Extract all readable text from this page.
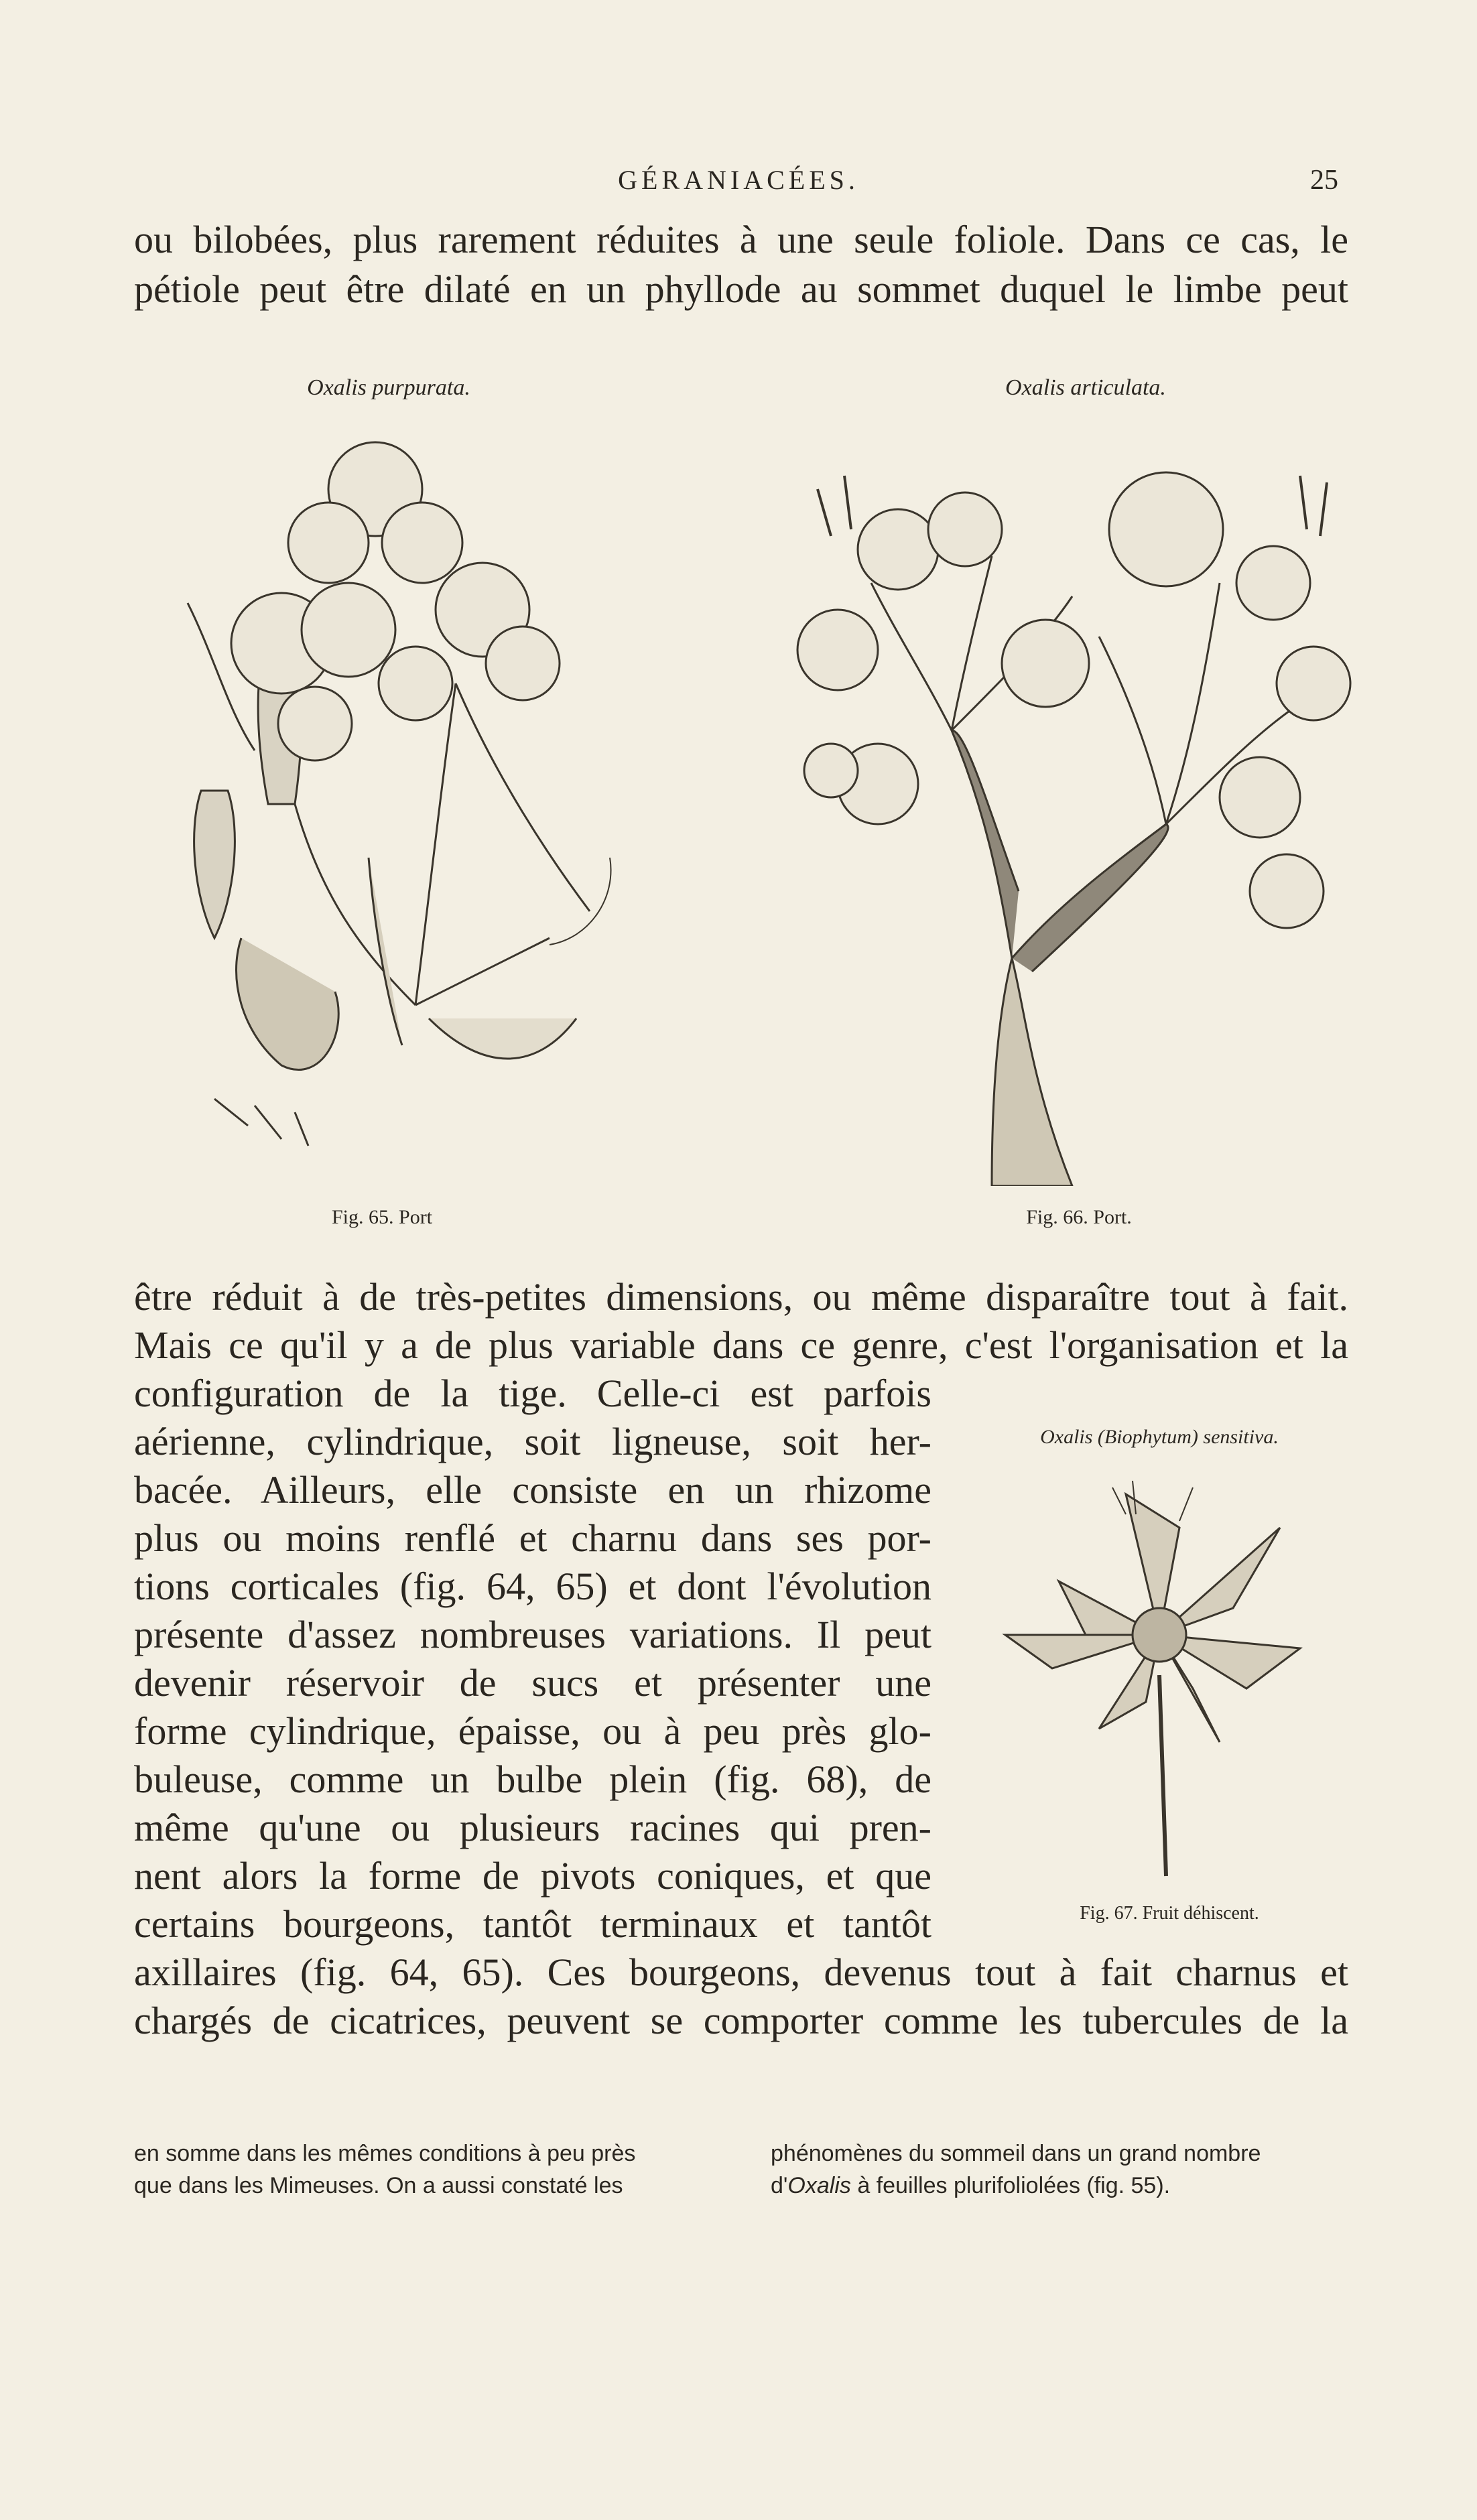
GÉRANIACÉES.	25
ou bilobées, plus rarement réduites à une seule foliole. Dans ce cas, le
pétiole peut être dilaté en un phyllode au sommet duquel le limbe peut
Oxalis purpurata.
Fig. 65. Port
Oxalis articulata.
Fig. 66. Port.
être réduit à de très-petites dimensions, ou même disparaître tout à fait.
Mais ce qu'il y a de plus variable dans ce genre, c'est l'organisation et la
configuration de la tige. Celle-ci est parfois
aérienne, cylindrique, soit ligneuse, soit her-
bacée. Ailleurs, elle consiste en un rhizome
plus ou moins renflé et charnu dans ses por-
tions corticales (fig. 64, 65) et dont l'évolution
présente d'assez nombreuses variations. Il peut
devenir réservoir de sucs et présenter une
forme cylindrique, épaisse, ou à peu près glo-
buleuse, comme un bulbe plein (fig. 68), de
même qu'une ou plusieurs racines qui pren-
nent alors la forme de pivots coniques, et que
certains bourgeons, tantôt terminaux et tantôt
Oxalis (Biophytum) sensitiva.
Fig. 67. Fruit déhiscent.
axillaires (fig. 64, 65). Ces bourgeons, devenus tout à fait charnus et
chargés de cicatrices, peuvent se comporter comme les tubercules de la
en somme dans les mêmes conditions à peu près
que dans les Mimeuses. On a aussi constaté les
phénomènes du sommeil dans un grand nombre
d'Oxalis à feuilles plurifoliolées (fig. 55).
